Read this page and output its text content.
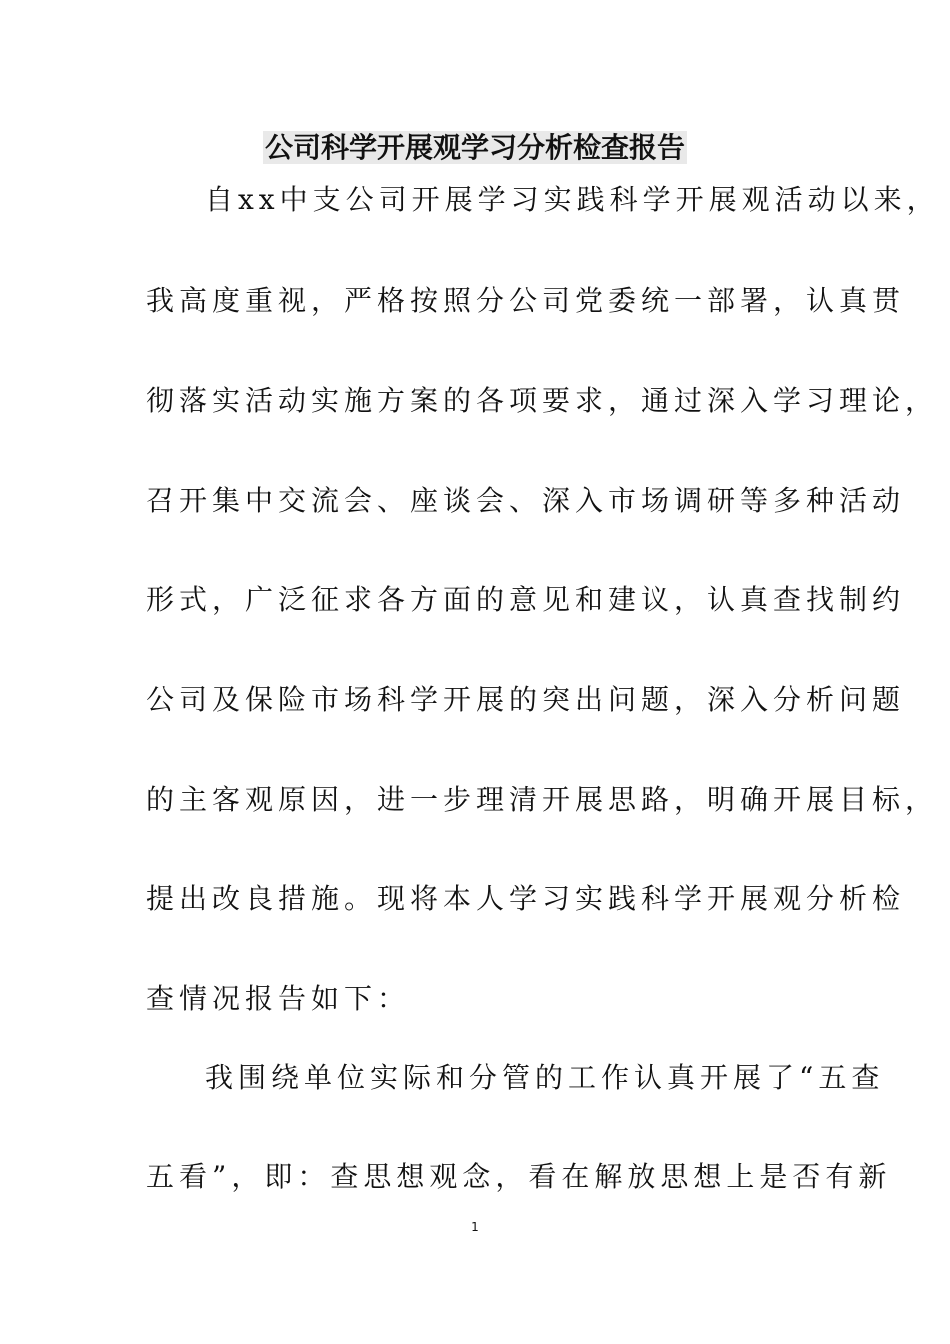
公司科学开展观学习分析检查报告
自xx中支公司开展学习实践科学开展观活动以来，
我高度重视，严格按照分公司党委统一部署，认真贯
彻落实活动实施方案的各项要求，通过深入学习理论，
召开集中交流会、座谈会、深入市场调研等多种活动
形式，广泛征求各方面的意见和建议，认真查找制约
公司及保险市场科学开展的突出问题，深入分析问题
的主客观原因，进一步理清开展思路，明确开展目标，
提出改良措施。现将本人学习实践科学开展观分析检
查情况报告如下：
我围绕单位实际和分管的工作认真开展了“五查
五看”，即：查思想观念，看在解放思想上是否有新
1
